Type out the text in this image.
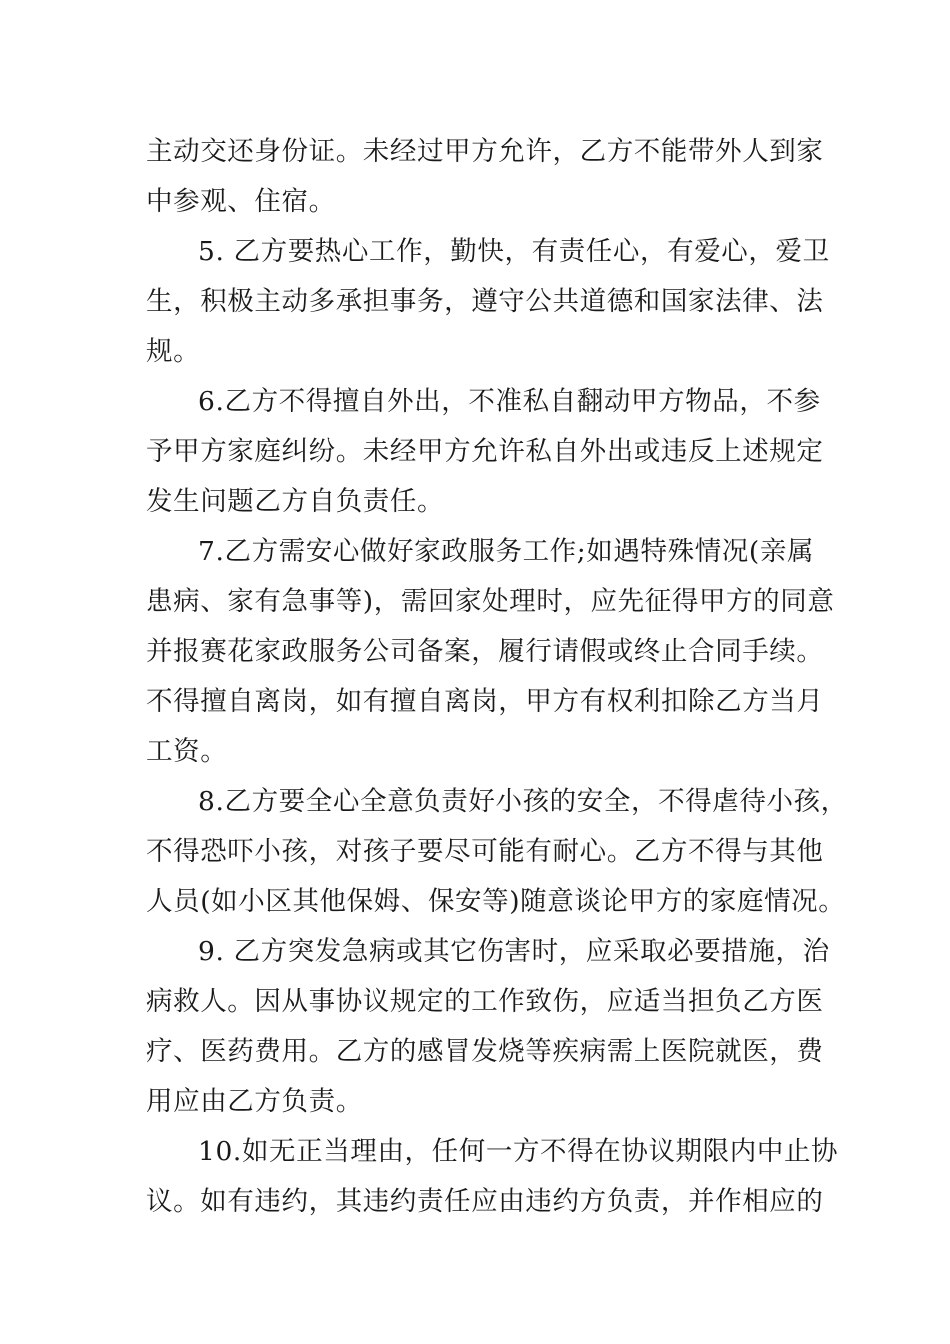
主动交还身份证。未经过甲方允许，乙方不能带外人到家
中参观、住宿。
5. 乙方要热心工作，勤快，有责任心，有爱心，爱卫
生，积极主动多承担事务，遵守公共道德和国家法律、法
规。
6.乙方不得擅自外出，不准私自翻动甲方物品，不参
予甲方家庭纠纷。未经甲方允许私自外出或违反上述规定
发生问题乙方自负责任。
7.乙方需安心做好家政服务工作;如遇特殊情况(亲属
患病、家有急事等)，需回家处理时，应先征得甲方的同意
并报赛花家政服务公司备案，履行请假或终止合同手续。
不得擅自离岗，如有擅自离岗，甲方有权利扣除乙方当月
工资。
8.乙方要全心全意负责好小孩的安全，不得虐待小孩，
不得恐吓小孩，对孩子要尽可能有耐心。乙方不得与其他
人员(如小区其他保姆、保安等)随意谈论甲方的家庭情况。
9. 乙方突发急病或其它伤害时，应采取必要措施，治
病救人。因从事协议规定的工作致伤，应适当担负乙方医
疗、医药费用。乙方的感冒发烧等疾病需上医院就医，费
用应由乙方负责。
10.如无正当理由，任何一方不得在协议期限内中止协
议。如有违约，其违约责任应由违约方负责，并作相应的
